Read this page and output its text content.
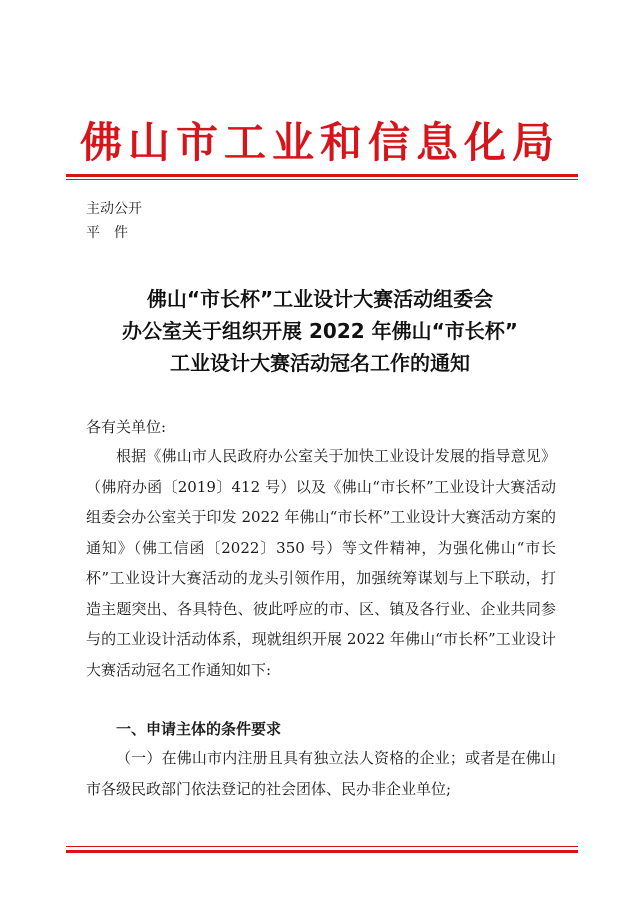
佛山市工业和信息化局
主动公开
平　件
佛山“市长杯”工业设计大赛活动组委会
办公室关于组织开展 2022 年佛山“市长杯”
工业设计大赛活动冠名工作的通知
各有关单位:
根据《佛山市人民政府办公室关于加快工业设计发展的指导意见》（佛府办函〔2019〕412 号）以及《佛山“市长杯”工业设计大赛活动组委会办公室关于印发 2022 年佛山“市长杯”工业设计大赛活动方案的通知》（佛工信函〔2022〕350 号）等文件精神，为强化佛山“市长杯”工业设计大赛活动的龙头引领作用，加强统筹谋划与上下联动，打造主题突出、各具特色、彼此呼应的市、区、镇及各行业、企业共同参与的工业设计活动体系，现就组织开展 2022 年佛山“市长杯”工业设计大赛活动冠名工作通知如下:
一、申请主体的条件要求
（一）在佛山市内注册且具有独立法人资格的企业；或者是在佛山市各级民政部门依法登记的社会团体、民办非企业单位;
